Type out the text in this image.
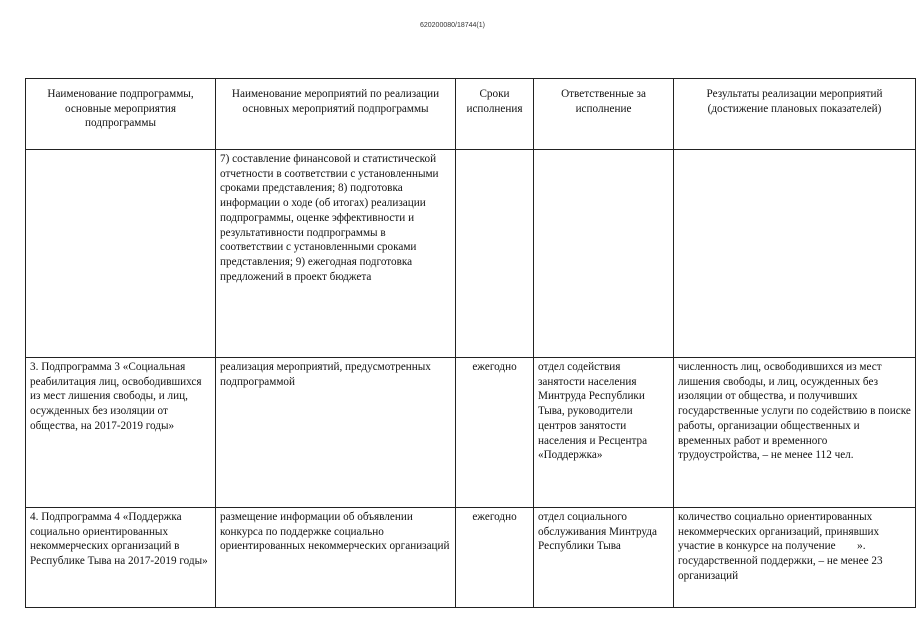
620200080/18744(1)
Наименование подпрограммы, основные мероприятия подпрограммы	Наименование мероприятий по реализации основных мероприятий подпрограммы	Сроки исполнения	Ответственные за исполнение	Результаты реализации мероприятий (достижение плановых показателей)
	7) составление финансовой и статистической отчетности в соответствии с установленными сроками представления; 8) подготовка информации о ходе (об итогах) реализации подпрограммы, оценке эффективности и результативности подпрограммы в соответствии с установленными сроками представления; 9) ежегодная подготовка предложений в проект бюджета			
3. Подпрограмма 3 «Социальная реабилитация лиц, освободившихся из мест лишения свободы, и лиц, осужденных без изоляции от общества, на 2017-2019 годы»	реализация мероприятий, предусмотренных подпрограммой	ежегодно	отдел содействия занятости населения Минтруда Республики Тыва, руководители центров занятости населения и Ресцентра «Поддержка»	численность лиц, освободившихся из мест лишения свободы, и лиц, осужденных без изоляции от общества, и получивших государственные услуги по содействию в поиске работы, организации общественных и временных работ и временного трудоустройства, – не менее 112 чел.
4. Подпрограмма 4 «Поддержка социально ориентированных некоммерческих организаций в Республике Тыва на 2017-2019 годы»	размещение информации об объявлении конкурса по поддержке социально ориентированных некоммерческих организаций	ежегодно	отдел социального обслуживания Минтруда Республики Тыва	количество социально ориентированных некоммерческих организаций, принявших участие в конкурсе на получение государственной поддержки, – не менее 23 организаций
».
